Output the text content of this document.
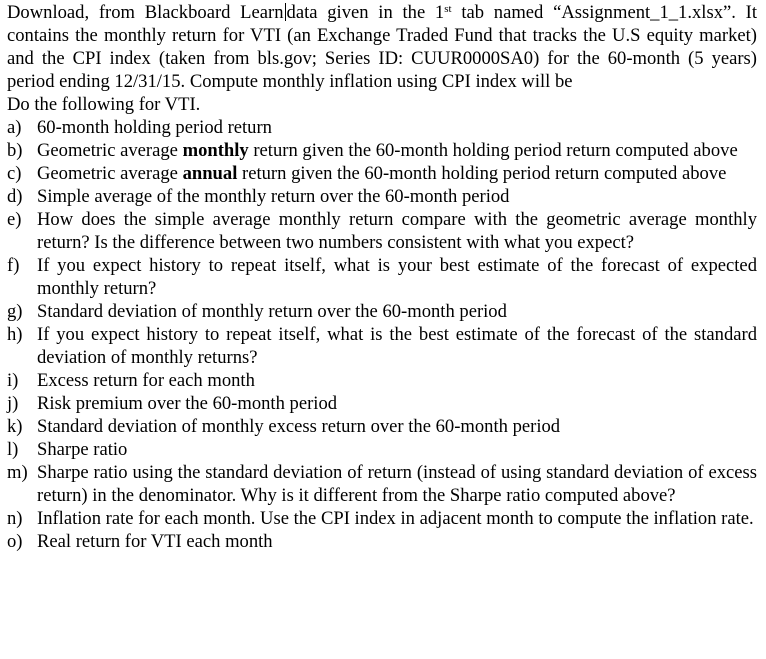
Download, from Blackboard Learn data given in the 1st tab named “Assignment_1_1.xlsx”. It contains the monthly return for VTI (an Exchange Traded Fund that tracks the U.S equity market) and the CPI index (taken from bls.gov; Series ID: CUUR0000SA0) for the 60-month (5 years) period ending 12/31/15. Compute monthly inflation using CPI index will be

Do the following for VTI.

a) 60-month holding period return
b) Geometric average monthly return given the 60-month holding period return computed above
c) Geometric average annual return given the 60-month holding period return computed above
d) Simple average of the monthly return over the 60-month period
e) How does the simple average monthly return compare with the geometric average monthly return? Is the difference between two numbers consistent with what you expect?
f) If you expect history to repeat itself, what is your best estimate of the forecast of expected monthly return?
g) Standard deviation of monthly return over the 60-month period
h) If you expect history to repeat itself, what is the best estimate of the forecast of the standard deviation of monthly returns?
i)	Excess return for each month
j)	Risk premium over the 60-month period
k) Standard deviation of monthly excess return over the 60-month period
l)	Sharpe ratio
m) Sharpe ratio using the standard deviation of return (instead of using standard deviation of excess return) in the denominator. Why is it different from the Sharpe ratio computed above?
n) Inflation rate for each month. Use the CPI index in adjacent month to compute the inflation rate.
o) Real return for VTI each month
